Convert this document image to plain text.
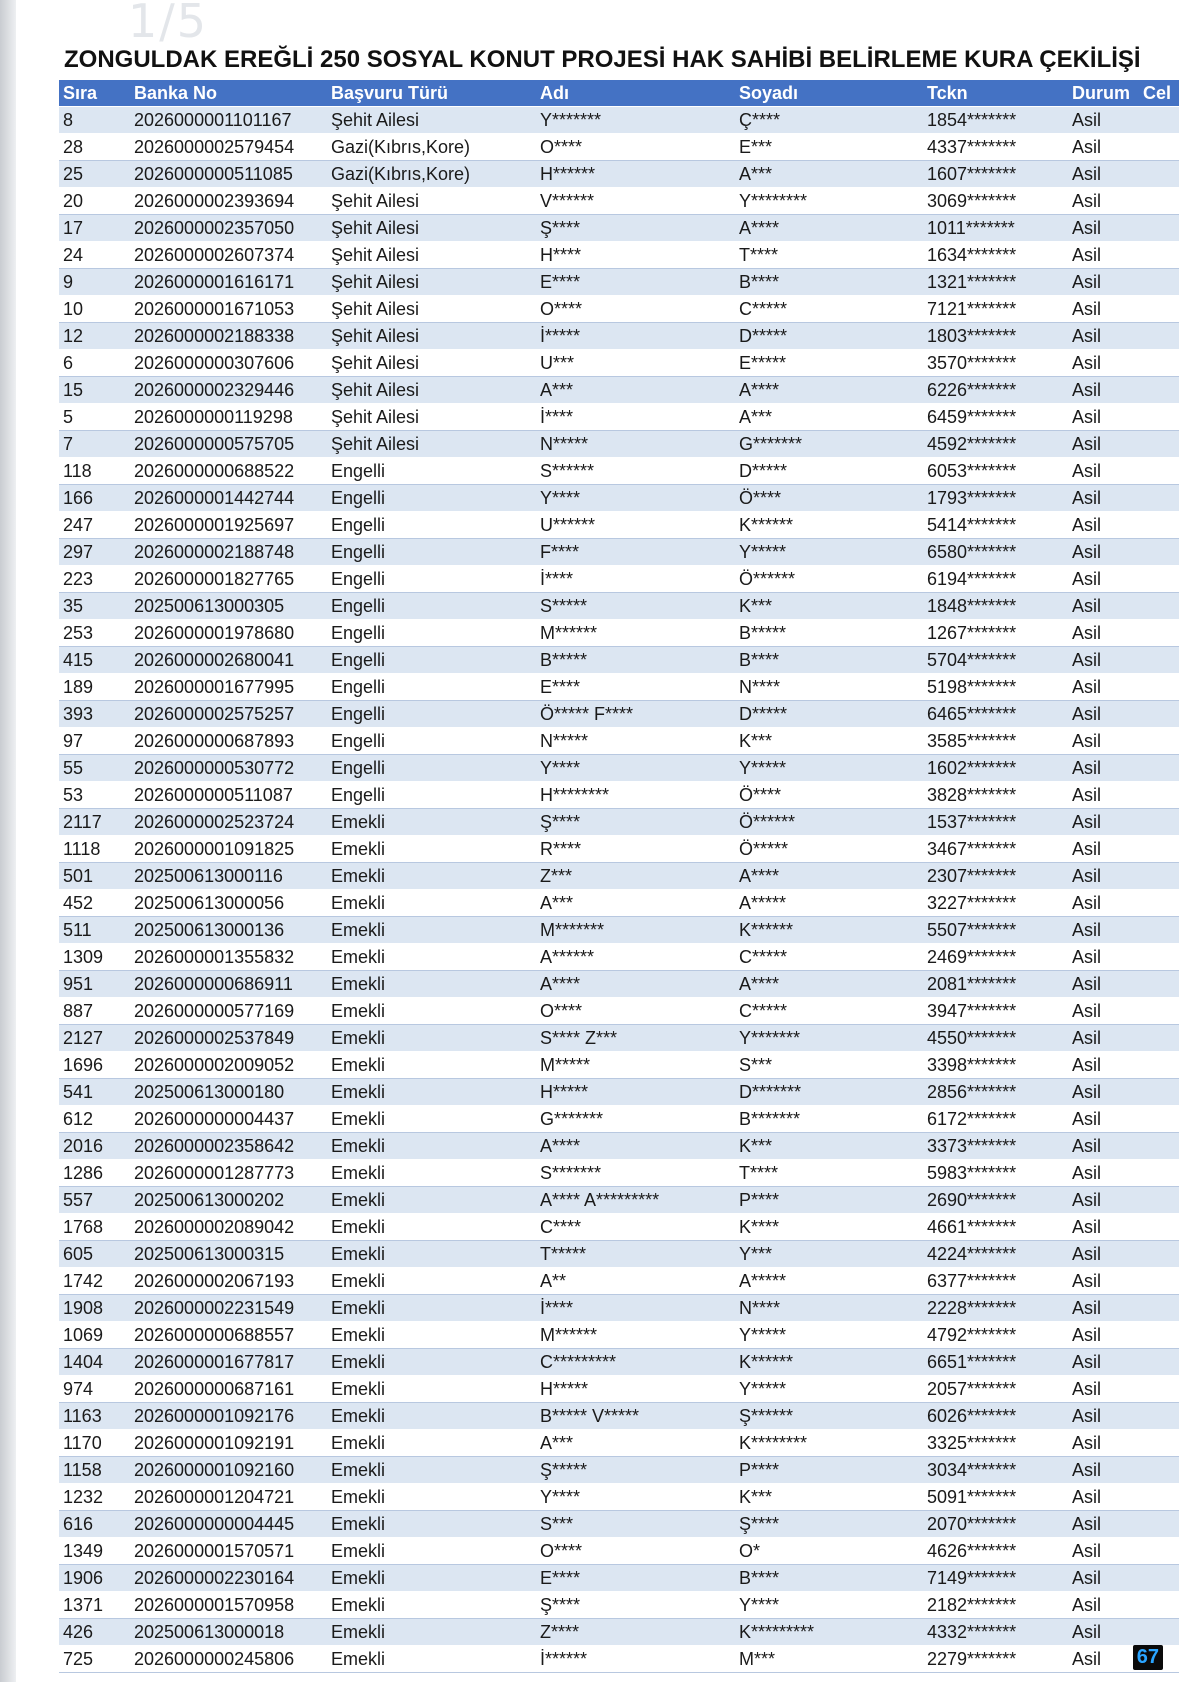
1/5
ZONGULDAK EREĞLİ 250 SOSYAL KONUT PROJESİ HAK SAHİBİ BELİRLEME KURA ÇEKİLİŞİ
Sıra	Banka No	Başvuru Türü	Adı	Soyadı	Tckn	Durum	Cel
8	2026000001101167	Şehit Ailesi	Y*******	Ç****	1854*******	Asil	
28	2026000002579454	Gazi(Kıbrıs,Kore)	O****	E***	4337*******	Asil	
25	2026000000511085	Gazi(Kıbrıs,Kore)	H******	A***	1607*******	Asil	
20	2026000002393694	Şehit Ailesi	V******	Y********	3069*******	Asil	
17	2026000002357050	Şehit Ailesi	Ş****	A****	1011*******	Asil	
24	2026000002607374	Şehit Ailesi	H****	T****	1634*******	Asil	
9	2026000001616171	Şehit Ailesi	E****	B****	1321*******	Asil	
10	2026000001671053	Şehit Ailesi	O****	C*****	7121*******	Asil	
12	2026000002188338	Şehit Ailesi	İ*****	D*****	1803*******	Asil	
6	2026000000307606	Şehit Ailesi	U***	E*****	3570*******	Asil	
15	2026000002329446	Şehit Ailesi	A***	A****	6226*******	Asil	
5	2026000000119298	Şehit Ailesi	İ****	A***	6459*******	Asil	
7	2026000000575705	Şehit Ailesi	N*****	G*******	4592*******	Asil	
118	2026000000688522	Engelli	S******	D*****	6053*******	Asil	
166	2026000001442744	Engelli	Y****	Ö****	1793*******	Asil	
247	2026000001925697	Engelli	U******	K******	5414*******	Asil	
297	2026000002188748	Engelli	F****	Y*****	6580*******	Asil	
223	2026000001827765	Engelli	İ****	Ö******	6194*******	Asil	
35	202500613000305	Engelli	S*****	K***	1848*******	Asil	
253	2026000001978680	Engelli	M******	B*****	1267*******	Asil	
415	2026000002680041	Engelli	B*****	B****	5704*******	Asil	
189	2026000001677995	Engelli	E****	N****	5198*******	Asil	
393	2026000002575257	Engelli	Ö***** F****	D*****	6465*******	Asil	
97	2026000000687893	Engelli	N*****	K***	3585*******	Asil	
55	2026000000530772	Engelli	Y****	Y*****	1602*******	Asil	
53	2026000000511087	Engelli	H********	Ö****	3828*******	Asil	
2117	2026000002523724	Emekli	Ş****	Ö******	1537*******	Asil	
1118	2026000001091825	Emekli	R****	Ö*****	3467*******	Asil	
501	202500613000116	Emekli	Z***	A****	2307*******	Asil	
452	202500613000056	Emekli	A***	A*****	3227*******	Asil	
511	202500613000136	Emekli	M*******	K******	5507*******	Asil	
1309	2026000001355832	Emekli	A******	C*****	2469*******	Asil	
951	2026000000686911	Emekli	A****	A****	2081*******	Asil	
887	2026000000577169	Emekli	O****	C*****	3947*******	Asil	
2127	2026000002537849	Emekli	S**** Z***	Y*******	4550*******	Asil	
1696	2026000002009052	Emekli	M*****	S***	3398*******	Asil	
541	202500613000180	Emekli	H*****	D*******	2856*******	Asil	
612	2026000000004437	Emekli	G*******	B*******	6172*******	Asil	
2016	2026000002358642	Emekli	A****	K***	3373*******	Asil	
1286	2026000001287773	Emekli	S*******	T****	5983*******	Asil	
557	202500613000202	Emekli	A**** A*********	P****	2690*******	Asil	
1768	2026000002089042	Emekli	C****	K****	4661*******	Asil	
605	202500613000315	Emekli	T*****	Y***	4224*******	Asil	
1742	2026000002067193	Emekli	A**	A*****	6377*******	Asil	
1908	2026000002231549	Emekli	İ****	N****	2228*******	Asil	
1069	2026000000688557	Emekli	M******	Y*****	4792*******	Asil	
1404	2026000001677817	Emekli	C*********	K******	6651*******	Asil	
974	2026000000687161	Emekli	H*****	Y*****	2057*******	Asil	
1163	2026000001092176	Emekli	B***** V*****	Ş******	6026*******	Asil	
1170	2026000001092191	Emekli	A***	K********	3325*******	Asil	
1158	2026000001092160	Emekli	Ş*****	P****	3034*******	Asil	
1232	2026000001204721	Emekli	Y****	K***	5091*******	Asil	
616	2026000000004445	Emekli	S***	Ş****	2070*******	Asil	
1349	2026000001570571	Emekli	O****	O*	4626*******	Asil	
1906	2026000002230164	Emekli	E****	B****	7149*******	Asil	
1371	2026000001570958	Emekli	Ş****	Y****	2182*******	Asil	
426	202500613000018	Emekli	Z****	K*********	4332*******	Asil	
725	2026000000245806	Emekli	İ******	M***	2279*******	Asil	67
